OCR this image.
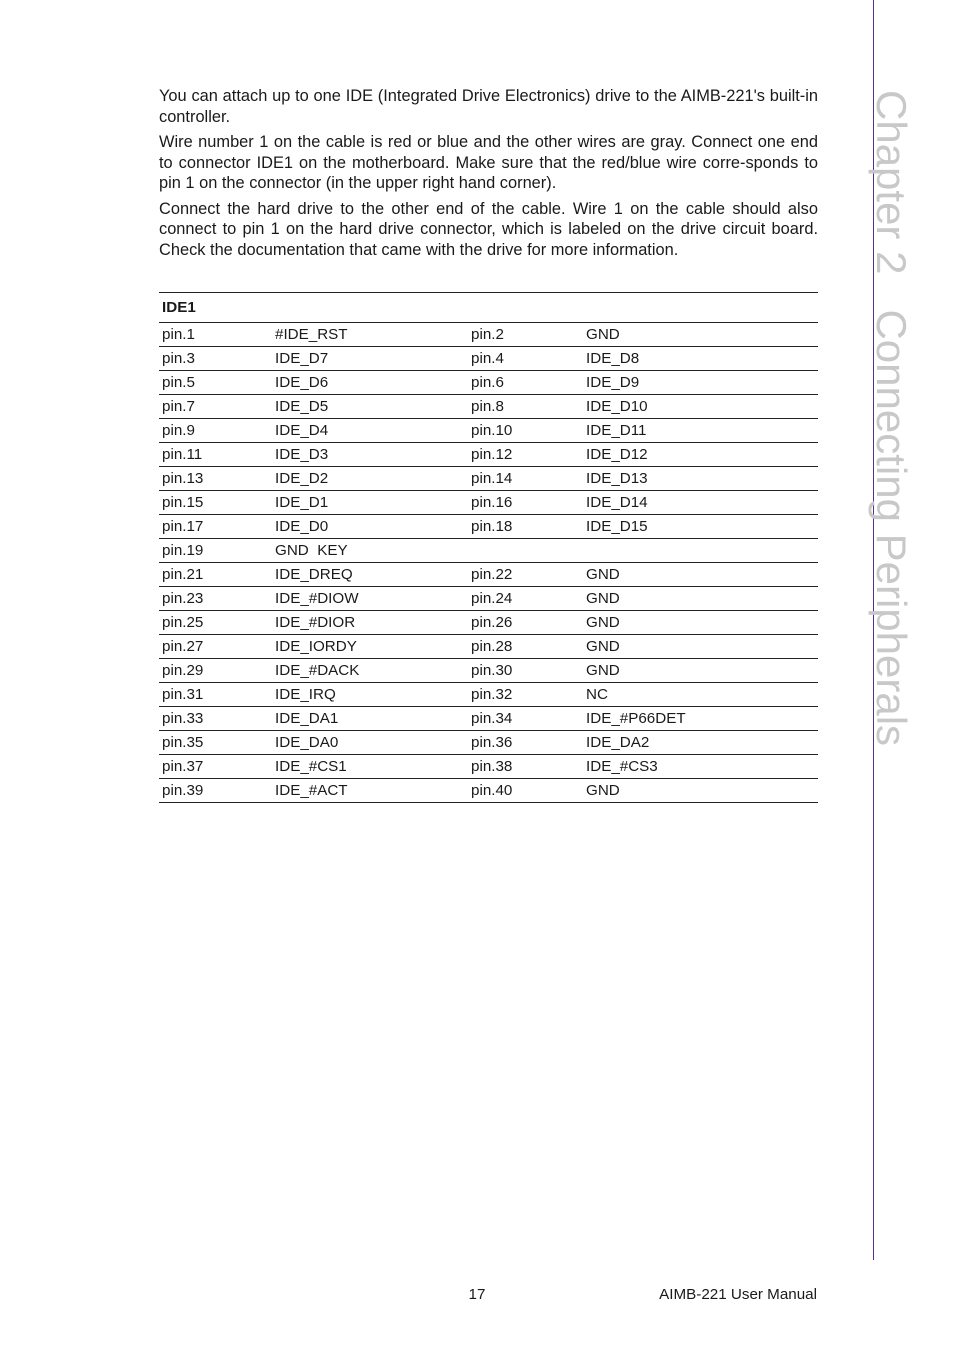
Chapter 2   Connecting Peripherals

You can attach up to one IDE (Integrated Drive Electronics) drive to the AIMB-221's built-in controller.

Wire number 1 on the cable is red or blue and the other wires are gray. Connect one end to connector IDE1 on the motherboard. Make sure that the red/blue wire corre-sponds to pin 1 on the connector (in the upper right hand corner).

Connect the hard drive to the other end of the cable. Wire 1 on the cable should also connect to pin 1 on the hard drive connector, which is labeled on the drive circuit board. Check the documentation that came with the drive for more information.

IDE1			
pin.1	#IDE_RST	pin.2	GND
pin.3	IDE_D7	pin.4	IDE_D8
pin.5	IDE_D6	pin.6	IDE_D9
pin.7	IDE_D5	pin.8	IDE_D10
pin.9	IDE_D4	pin.10	IDE_D11
pin.11	IDE_D3	pin.12	IDE_D12
pin.13	IDE_D2	pin.14	IDE_D13
pin.15	IDE_D1	pin.16	IDE_D14
pin.17	IDE_D0	pin.18	IDE_D15
pin.19	GND  KEY		
pin.21	IDE_DREQ	pin.22	GND
pin.23	IDE_#DIOW	pin.24	GND
pin.25	IDE_#DIOR	pin.26	GND
pin.27	IDE_IORDY	pin.28	GND
pin.29	IDE_#DACK	pin.30	GND
pin.31	IDE_IRQ	pin.32	NC
pin.33	IDE_DA1	pin.34	IDE_#P66DET
pin.35	IDE_DA0	pin.36	IDE_DA2
pin.37	IDE_#CS1	pin.38	IDE_#CS3
pin.39	IDE_#ACT	pin.40	GND
17	AIMB-221 User Manual
